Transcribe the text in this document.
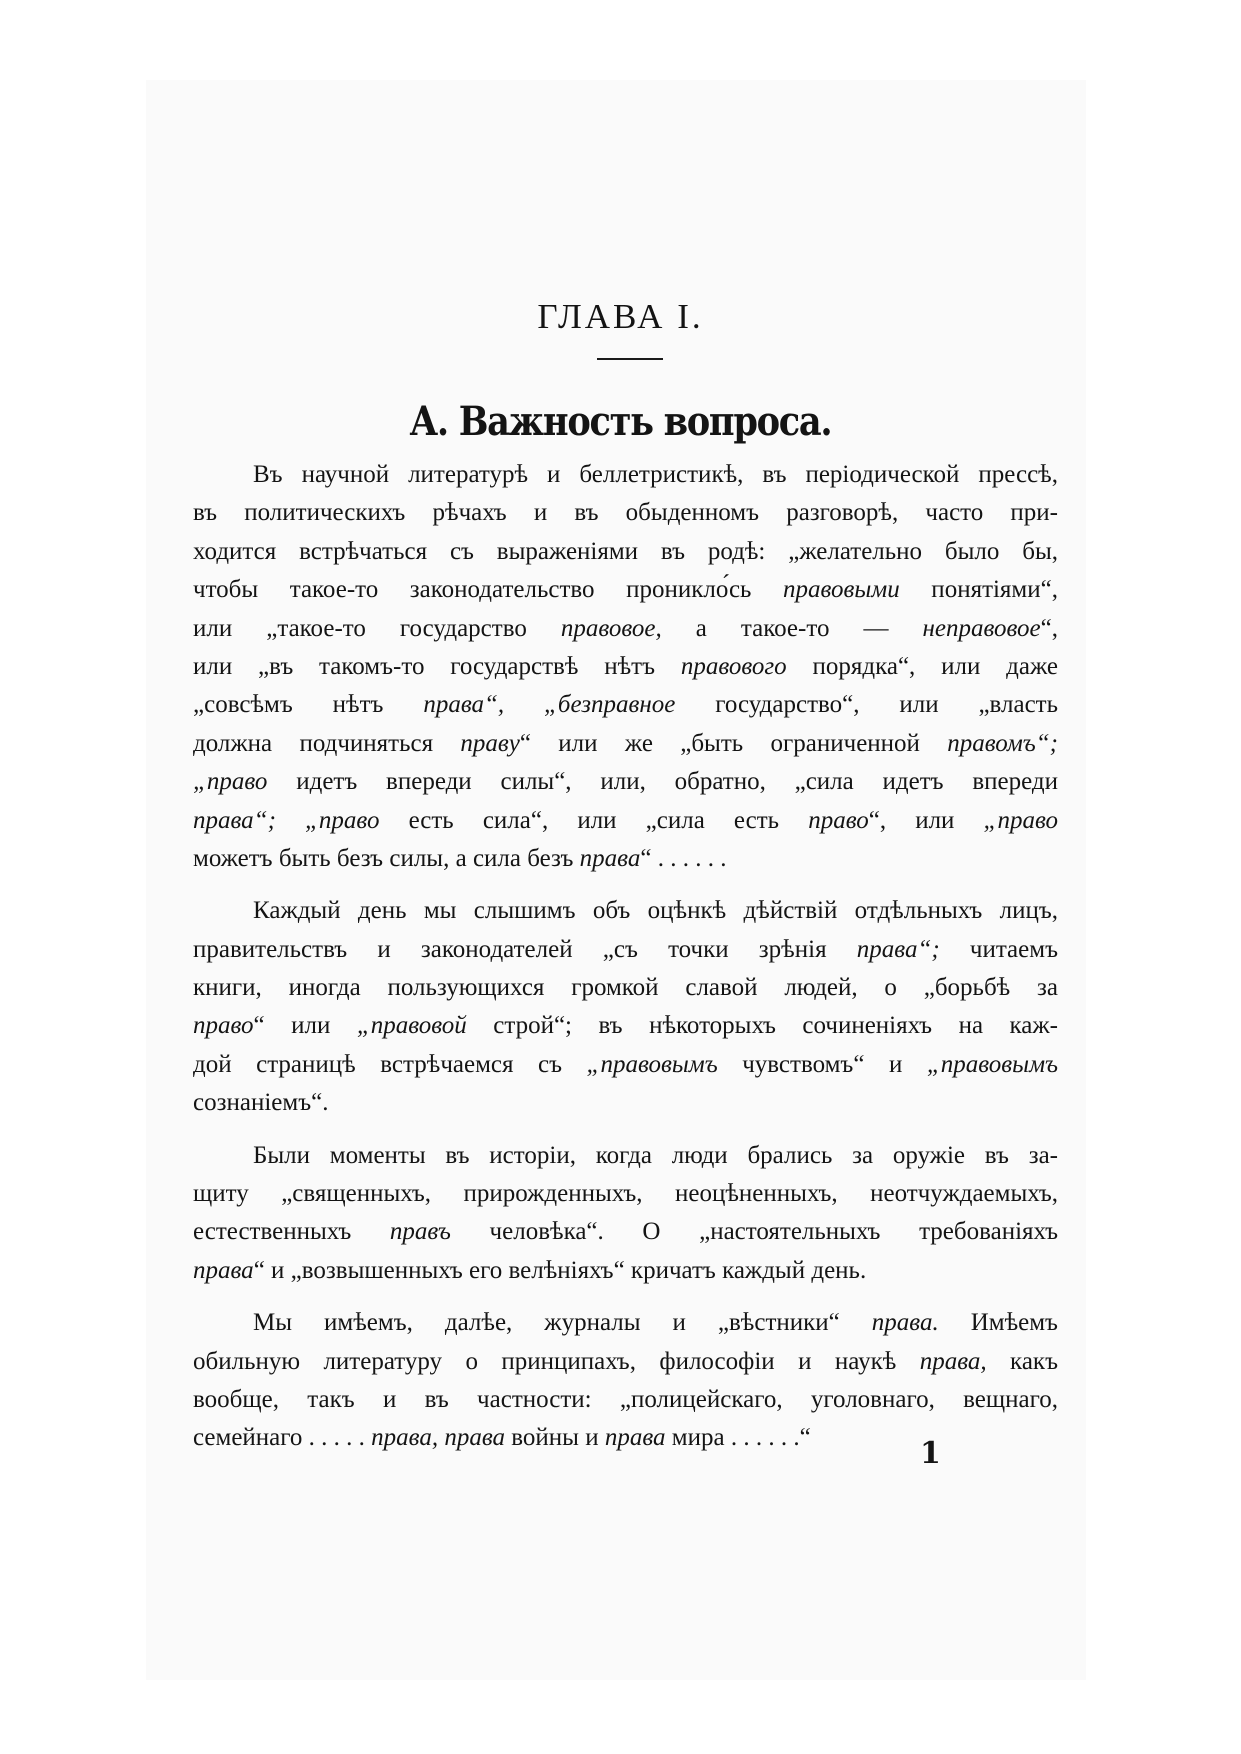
ГЛАВА I.
А. Важность вопроса.
Въ научной литературѣ и беллетристикѣ, въ періодической прессѣ,
въ политическихъ рѣчахъ и въ обыденномъ разговорѣ, часто при-
ходится встрѣчаться съ выраженіями въ родѣ: „желательно было бы,
чтобы такое-то законодательство проникло́сь правовыми понятіями“,
или „такое-то государство правовое, а такое-то — неправовое“,
или „въ такомъ-то государствѣ нѣтъ правового порядка“, или даже
„совсѣмъ нѣтъ права“, „безправное государство“, или „власть
должна подчиняться праву“ или же „быть ограниченной правомъ“;
„право идетъ впереди силы“, или, обратно, „сила идетъ впереди
права“; „право есть сила“, или „сила есть право“, или „право
можетъ быть безъ силы, а сила безъ права“ . . . . . .
Каждый день мы слышимъ объ оцѣнкѣ дѣйствій отдѣльныхъ лицъ,
правительствъ и законодателей „съ точки зрѣнія права“; читаемъ
книги, иногда пользующихся громкой славой людей, о „борьбѣ за
право“ или „правовой строй“; въ нѣкоторыхъ сочиненіяхъ на каж-
дой страницѣ встрѣчаемся съ „правовымъ чувствомъ“ и „правовымъ
сознаніемъ“.
Были моменты въ исторіи, когда люди брались за оружіе въ за-
щиту „священныхъ, прирожденныхъ, неоцѣненныхъ, неотчуждаемыхъ,
естественныхъ правъ человѣка“. О „настоятельныхъ требованіяхъ
права“ и „возвышенныхъ его велѣніяхъ“ кричатъ каждый день.
Мы имѣемъ, далѣе, журналы и „вѣстники“ права. Имѣемъ
обильную литературу о принципахъ, философіи и наукѣ права, какъ
вообще, такъ и въ частности: „полицейскаго, уголовнаго, вещнаго,
семейнаго . . . . . права, права войны и права мира . . . . . .“	1
